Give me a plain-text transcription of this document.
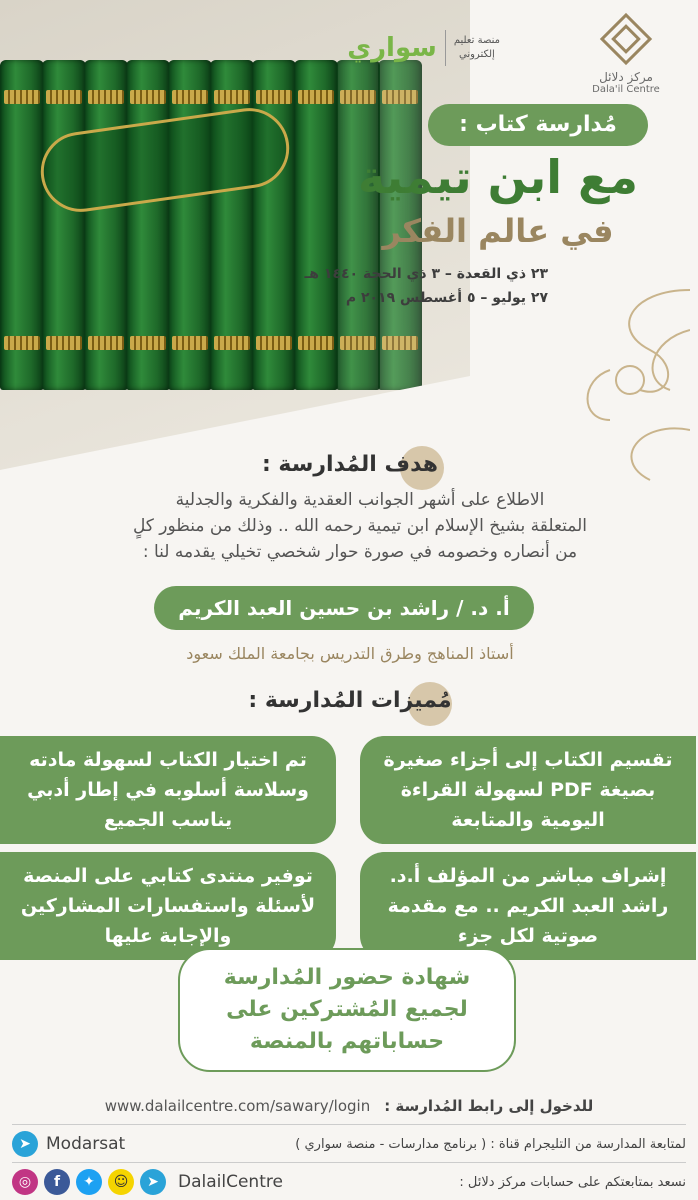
مركز دلائل
Dala'il Centre
منصة تعليم
إلكتروني
سواري
مُدارسة كتاب :
مع ابن تيمية
في عالم الفكر
٢٣ ذي القعدة – ٣ ذي الحجة ١٤٤٠ هـ
٢٧ يوليو – ٥ أغسطس ٢٠١٩ م
هدف المُدارسة :
الاطلاع على أشهر الجوانب العقدية والفكرية والجدلية
المتعلقة بشيخ الإسلام ابن تيمية رحمه الله .. وذلك من منظور كلٍ
من أنصاره وخصومه في صورة حوار شخصي تخيلي يقدمه لنا :
أ. د. / راشد بن حسين العبد الكريم
أستاذ المناهج وطرق التدريس بجامعة الملك سعود
مُميزات المُدارسة :
تقسيم الكتاب إلى أجزاء صغيرة بصيغة PDF لسهولة القراءة اليومية والمتابعة
تم اختيار الكتاب لسهولة مادته وسلاسة أسلوبه في إطار أدبي يناسب الجميع
إشراف مباشر من المؤلف أ.د. راشد العبد الكريم .. مع مقدمة صوتية لكل جزء
توفير منتدى كتابي على المنصة لأسئلة واستفسارات المشاركين والإجابة عليها
شهادة حضور المُدارسة لجميع المُشتركين على حساباتهم بالمنصة
www.dalailcentre.com/sawary/login للدخول إلى رابط المُدارسة :
➤ Modarsat	لمتابعة المدارسة من التليجرام قناة : ( برنامج مدارسات - منصة سواري )
◎	f	✦	☺	➤	DalailCentre	نسعد بمتابعتكم على حسابات مركز دلائل :
